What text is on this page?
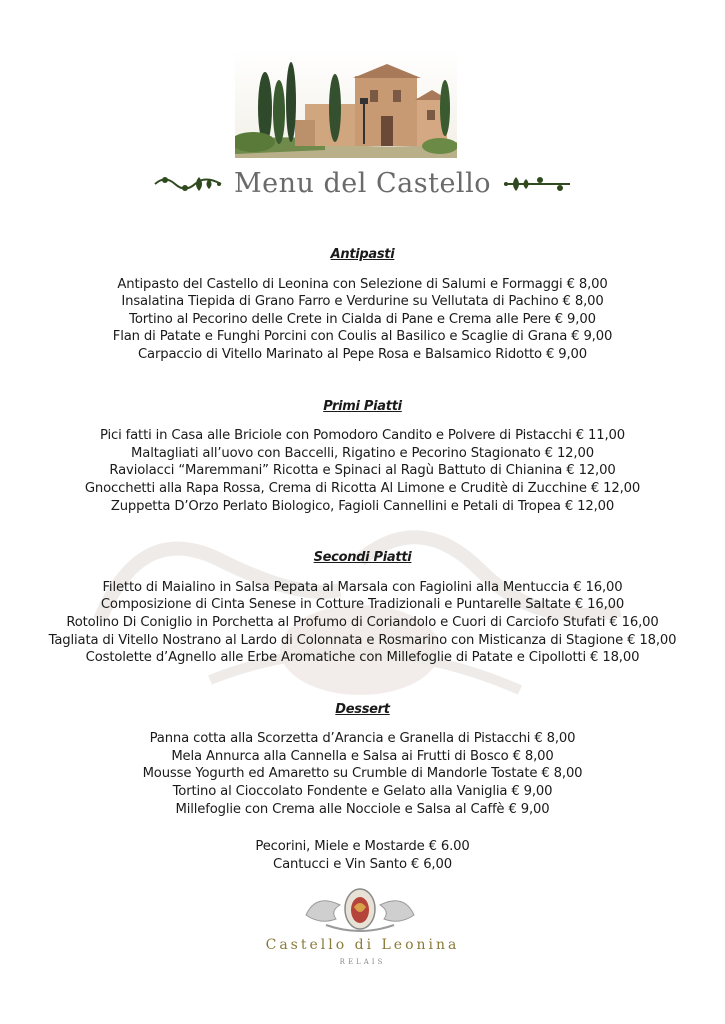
Menu del Castello
Antipasti
Antipasto del Castello di Leonina con Selezione di Salumi e Formaggi € 8,00
Insalatina Tiepida di Grano Farro e Verdurine su Vellutata di Pachino € 8,00
Tortino al Pecorino delle Crete in Cialda di Pane e Crema alle Pere € 9,00
Flan di Patate e Funghi Porcini con Coulis al Basilico e Scaglie di Grana € 9,00
Carpaccio di Vitello Marinato al Pepe Rosa e Balsamico Ridotto € 9,00
Primi Piatti
Pici fatti in Casa alle Briciole con Pomodoro Candito e Polvere di Pistacchi € 11,00
Maltagliati all’uovo con Baccelli, Rigatino e Pecorino Stagionato € 12,00
Raviolacci “Maremmani” Ricotta e Spinaci al Ragù Battuto di Chianina € 12,00
Gnocchetti alla Rapa Rossa, Crema di Ricotta Al Limone e Cruditè di Zucchine € 12,00
Zuppetta D’Orzo Perlato Biologico, Fagioli Cannellini e Petali di Tropea € 12,00
Secondi Piatti
Filetto di Maialino in Salsa Pepata al Marsala con Fagiolini alla Mentuccia € 16,00
Composizione di Cinta Senese in Cotture Tradizionali e Puntarelle Saltate € 16,00
Rotolino Di Coniglio in Porchetta al Profumo di Coriandolo e Cuori di Carciofo Stufati € 16,00
Tagliata di Vitello Nostrano al Lardo di Colonnata e Rosmarino con Misticanza di Stagione € 18,00
Costolette d’Agnello alle Erbe Aromatiche con Millefoglie di Patate e Cipollotti € 18,00
Dessert
Panna cotta alla Scorzetta d’Arancia e Granella di Pistacchi € 8,00
Mela Annurca alla Cannella e Salsa ai Frutti di Bosco € 8,00
Mousse Yogurth ed Amaretto su Crumble di Mandorle Tostate € 8,00
Tortino al Cioccolato Fondente e Gelato alla Vaniglia € 9,00
Millefoglie con Crema alle Nocciole e Salsa al Caffè € 9,00
Pecorini, Miele e Mostarde € 6.00
Cantucci e Vin Santo € 6,00
Castello di Leonina
RELAIS
